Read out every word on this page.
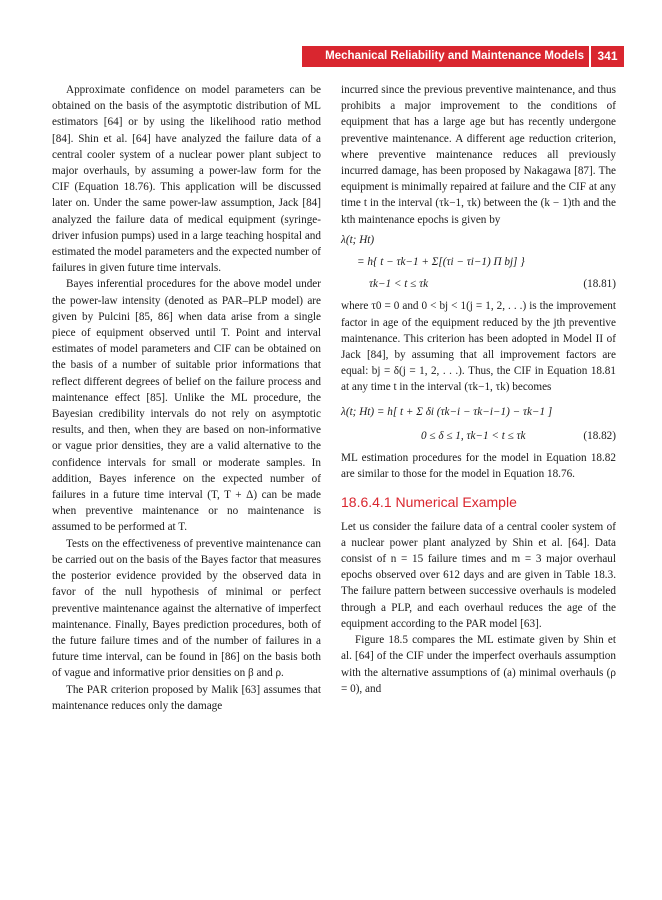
Mechanical Reliability and Maintenance Models	341

Approximate confidence on model parameters can be obtained on the basis of the asymptotic distribution of ML estimators [64] or by using the likelihood ratio method [84]. Shin et al. [64] have analyzed the failure data of a central cooler system of a nuclear power plant subject to major overhauls, by assuming a power-law form for the CIF (Equation 18.76). This application will be discussed later on. Under the same power-law assumption, Jack [84] analyzed the failure data of medical equipment (syringe-driver infusion pumps) used in a large teaching hospital and estimated the model parameters and the expected number of failures in given future time intervals.

Bayes inferential procedures for the above model under the power-law intensity (denoted as PAR–PLP model) are given by Pulcini [85, 86] when data arise from a single piece of equipment observed until T. Point and interval estimates of model parameters and CIF can be obtained on the basis of a number of suitable prior informations that reflect different degrees of belief on the failure process and maintenance effect [85]. Unlike the ML procedure, the Bayesian credibility intervals do not rely on asymptotic results, and then, when they are based on non-informative or vague prior densities, they are a valid alternative to the confidence intervals for small or moderate samples. In addition, Bayes inference on the expected number of failures in a future time interval (T, T + Δ) can be made when preventive maintenance or no maintenance is assumed to be performed at T.

Tests on the effectiveness of preventive maintenance can be carried out on the basis of the Bayes factor that measures the posterior evidence provided by the observed data in favor of the null hypothesis of minimal or perfect preventive maintenance against the alternative of imperfect maintenance. Finally, Bayes prediction procedures, both of the future failure times and of the number of failures in a future time interval, can be found in [86] on the basis both of vague and informative prior densities on β and ρ.

The PAR criterion proposed by Malik [63] assumes that maintenance reduces only the damage

incurred since the previous preventive maintenance, and thus prohibits a major improvement to the conditions of equipment that has a large age but has recently undergone preventive maintenance. A different age reduction criterion, where preventive maintenance reduces all previously incurred damage, has been proposed by Nakagawa [87]. The equipment is minimally repaired at failure and the CIF at any time t in the interval (τk−1, τk) between the (k − 1)th and the kth maintenance epochs is given by

λ(t; Ht)
= h{ t − τk−1 + Σ[(τi − τi−1) Π bj] }
τk−1 < t ≤ τk	(18.81)

where τ0 = 0 and 0 < bj < 1(j = 1, 2, . . .) is the improvement factor in age of the equipment reduced by the jth preventive maintenance. This criterion has been adopted in Model II of Jack [84], by assuming that all improvement factors are equal: bj = δ(j = 1, 2, . . .). Thus, the CIF in Equation 18.81 at any time t in the interval (τk−1, τk) becomes

λ(t; Ht) = h[ t + Σ δi (τk−i − τk−i−1) − τk−1 ]
0 ≤ δ ≤ 1, τk−1 < t ≤ τk	(18.82)

ML estimation procedures for the model in Equation 18.82 are similar to those for the model in Equation 18.76.

18.6.4.1 Numerical Example

Let us consider the failure data of a central cooler system of a nuclear power plant analyzed by Shin et al. [64]. Data consist of n = 15 failure times and m = 3 major overhaul epochs observed over 612 days and are given in Table 18.3. The failure pattern between successive overhauls is modeled through a PLP, and each overhaul reduces the age of the equipment according to the PAR model [63].

Figure 18.5 compares the ML estimate given by Shin et al. [64] of the CIF under the imperfect overhauls assumption with the alternative assumptions of (a) minimal overhauls (ρ = 0), and
